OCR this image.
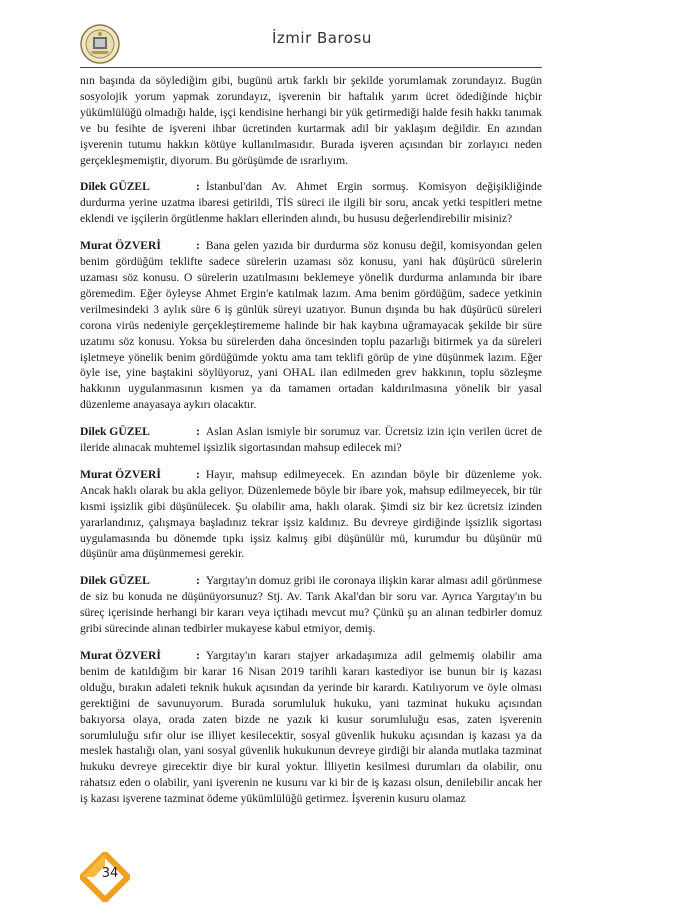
İzmir Barosu

nın başında da söylediğim gibi, bugünü artık farklı bir şekilde yorumlamak zorundayız. Bugün sosyolojik yorum yapmak zorundayız, işverenin bir haftalık yarım ücret ödediğinde hiçbir yükümlülüğü olmadığı halde, işçi kendisine herhangi bir yük getirmediği halde fesih hakkı tanımak ve bu fesihte de işvereni ihbar ücretinden kurtarmak adil bir yaklaşım değildir. En azından işverenin tutumu hakkın kötüye kullanılmasıdır. Burada işveren açısından bir zorlayıcı neden gerçekleşmemiştir, diyorum. Bu görüşümde de ısrarlıyım.

Dilek GÜZEL	: İstanbul'dan Av. Ahmet Ergin sormuş. Komisyon değişikliğinde durdurma yerine uzatma ibaresi getirildi, TİS süreci ile ilgili bir soru, ancak yetki tespitleri metne eklendi ve işçilerin örgütlenme hakları ellerinden alındı, bu hususu değerlendirebilir misiniz?

Murat ÖZVERİ	: Bana gelen yazıda bir durdurma söz konusu değil, komisyondan gelen benim gördüğüm teklifte sadece sürelerin uzaması söz konusu, yani hak düşürücü sürelerin uzaması söz konusu. O sürelerin uzatılmasını beklemeye yönelik durdurma anlamında bir ibare göremedim. Eğer öyleyse Ahmet Ergin'e katılmak lazım. Ama benim gördüğüm, sadece yetkinin verilmesindeki 3 aylık süre 6 iş günlük süreyi uzatıyor. Bunun dışında bu hak düşürücü süreleri corona virüs nedeniyle gerçekleştirememe halinde bir hak kaybına uğramayacak şekilde bir süre uzatımı söz konusu. Yoksa bu sürelerden daha öncesinden toplu pazarlığı bitirmek ya da süreleri işletmeye yönelik benim gördüğümde yoktu ama tam teklifi görüp de yine düşünmek lazım. Eğer öyle ise, yine baştakini söylüyoruz, yani OHAL ilan edilmeden grev hakkının, toplu sözleşme hakkının uygulanmasının kısmen ya da tamamen ortadan kaldırılmasına yönelik bir yasal düzenleme anayasaya aykırı olacaktır.

Dilek GÜZEL	: Aslan Aslan ismiyle bir sorumuz var. Ücretsiz izin için verilen ücret de ileride alınacak muhtemel işsizlik sigortasından mahsup edilecek mi?

Murat ÖZVERİ	: Hayır, mahsup edilmeyecek. En azından böyle bir düzenleme yok. Ancak haklı olarak bu akla geliyor. Düzenlemede böyle bir ibare yok, mahsup edilmeyecek, bir tür kısmi işsizlik gibi düşünülecek. Şu olabilir ama, haklı olarak. Şimdi siz bir kez ücretsiz izinden yararlandınız, çalışmaya başladınız tekrar işsiz kaldınız. Bu devreye girdiğinde işsizlik sigortası uygulamasında bu dönemde tıpkı işsiz kalmış gibi düşünülür mü, kurumdur bu düşünür mü düşünür ama düşünmemesi gerekir.

Dilek GÜZEL	: Yargıtay'ın domuz gribi ile coronaya ilişkin karar alması adil görünmese de siz bu konuda ne düşünüyorsunuz? Stj. Av. Tarık Akal'dan bir soru var. Ayrıca Yargıtay'ın bu süreç içerisinde herhangi bir kararı veya içtihadı mevcut mu? Çünkü şu an alınan tedbirler domuz gribi sürecinde alınan tedbirler mukayese kabul etmiyor, demiş.

Murat ÖZVERİ	: Yargıtay'ın kararı stajyer arkadaşımıza adil gelmemiş olabilir ama benim de katıldığım bir karar 16 Nisan 2019 tarihli kararı kastediyor ise bunun bir iş kazası olduğu, bırakın adaleti teknik hukuk açısından da yerinde bir karardı. Katılıyorum ve öyle olması gerektiğini de savunuyorum. Burada sorumluluk hukuku, yani tazminat hukuku açısından bakıyorsa olaya, orada zaten bizde ne yazık ki kusur sorumluluğu esas, zaten işverenin sorumluluğu sıfır olur ise illiyet kesilecektir, sosyal güvenlik hukuku açısından iş kazası ya da meslek hastalığı olan, yani sosyal güvenlik hukukunun devreye girdiği bir alanda mutlaka tazminat hukuku devreye girecektir diye bir kural yoktur. İlliyetin kesilmesi durumları da olabilir, onu rahatsız eden o olabilir, yani işverenin ne kusuru var ki bir de iş kazası olsun, denilebilir ancak her iş kazası işverene tazminat ödeme yükümlülüğü getirmez. İşverenin kusuru olamaz

34
